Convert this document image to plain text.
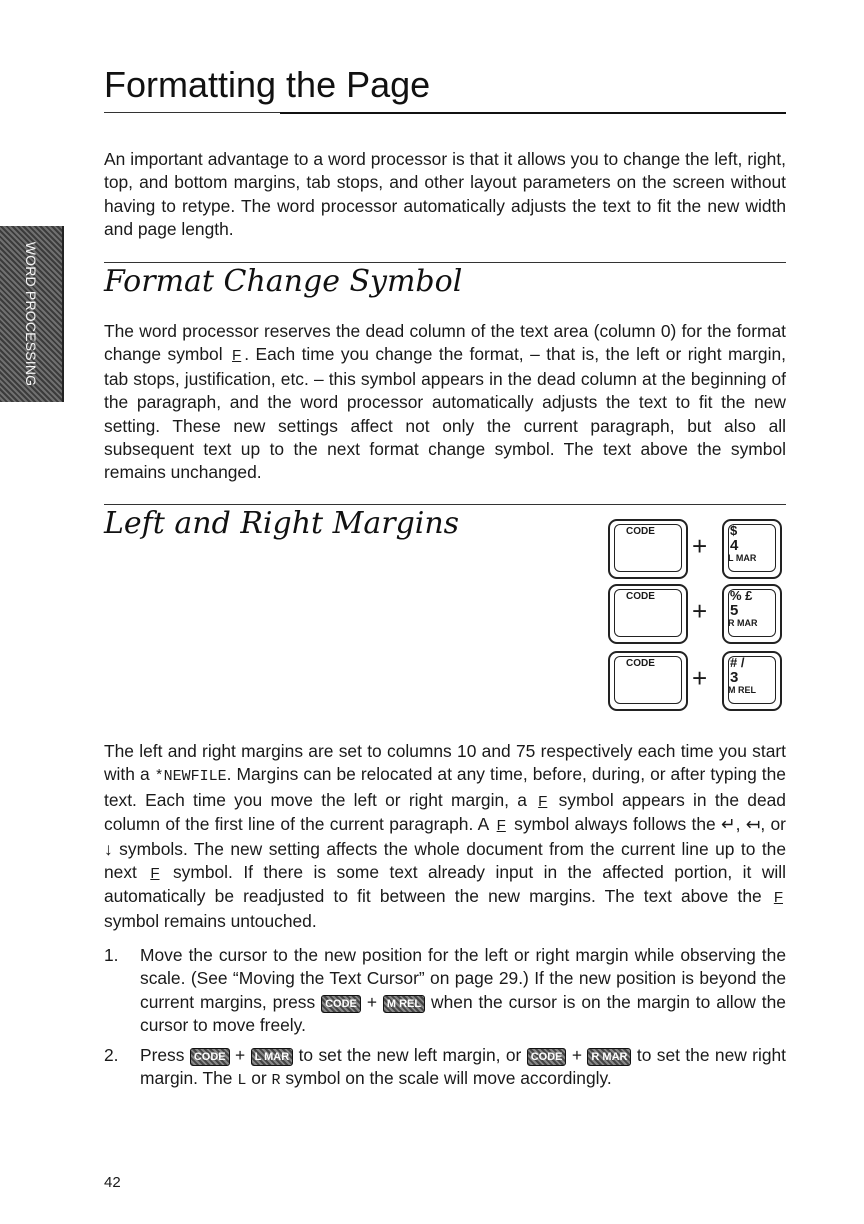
WORD PROCESSING
Formatting the Page

An important advantage to a word processor is that it allows you to change the left, right, top, and bottom margins, tab stops, and other layout parameters on the screen without having to retype. The word processor automatically adjusts the text to fit the new width and page length.

Format Change Symbol

The word processor reserves the dead column of the text area (column 0) for the format change symbol F . Each time you change the format, – that is, the left or right margin, tab stops, justification, etc. – this symbol appears in the dead column at the beginning of the paragraph, and the word processor automatically adjusts the text to fit the new setting. These new settings affect not only the current paragraph, but also all subsequent text up to the next format change symbol. The text above the symbol remains unchanged.

Left and Right Margins	CODE +
$
4
L MAR
CODE +
% £
5
R MAR
CODE +
# /
3
M REL

The left and right margins are set to columns 10 and 75 respectively each time you start with a *NEWFILE. Margins can be relocated at any time, before, during, or after typing the text. Each time you move the left or right margin, a F symbol appears in the dead column of the first line of the current paragraph. A F symbol always follows the ↵, ↤, or ↓ symbols. The new setting affects the whole document from the current line up to the next F symbol. If there is some text already input in the affected portion, it will automatically be readjusted to fit between the new margins. The text above the F symbol remains untouched.

1. Move the cursor to the new position for the left or right margin while observing the scale. (See “Moving the Text Cursor” on page 29.) If the new position is beyond the current margins, press CODE + M REL when the cursor is on the margin to allow the cursor to move freely.
2. Press CODE + L MAR to set the new left margin, or CODE + R MAR to set the new right margin. The L or R symbol on the scale will move accordingly.
42
